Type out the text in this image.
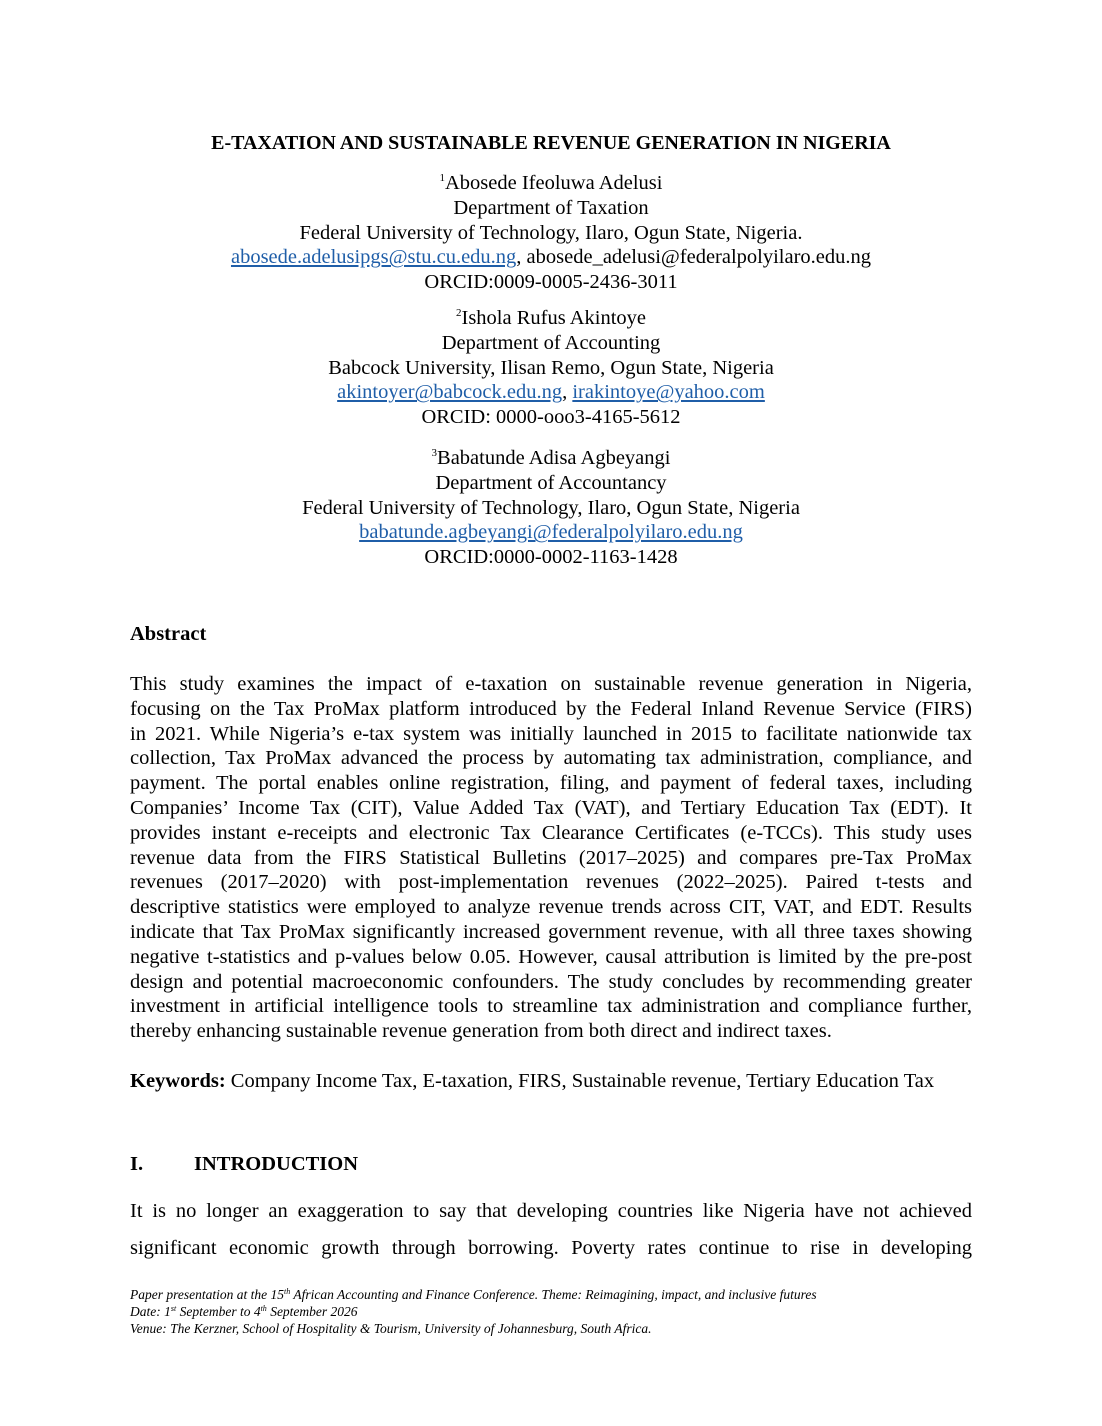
E-TAXATION AND SUSTAINABLE REVENUE GENERATION IN NIGERIA
$^1$Abosede Ifeoluwa Adelusi
Department of Taxation
Federal University of Technology, Ilaro, Ogun State, Nigeria.
abosede.adelusipgs@stu.cu.edu.ng, abosede_adelusi@federalpolyilaro.edu.ng
ORCID:0009-0005-2436-3011
$^2$Ishola Rufus Akintoye
Department of Accounting
Babcock University, Ilisan Remo, Ogun State, Nigeria
akintoyer@babcock.edu.ng, irakintoye@yahoo.com
ORCID: 0000-ooo3-4165-5612
$^3$Babatunde Adisa Agbeyangi
Department of Accountancy
Federal University of Technology, Ilaro, Ogun State, Nigeria
babatunde.agbeyangi@federalpolyilaro.edu.ng
ORCID:0000-0002-1163-1428
Abstract
This study examines the impact of e-taxation on sustainable revenue generation in Nigeria,
focusing on the Tax ProMax platform introduced by the Federal Inland Revenue Service (FIRS)
in 2021. While Nigeria’s e-tax system was initially launched in 2015 to facilitate nationwide tax
collection, Tax ProMax advanced the process by automating tax administration, compliance, and
payment. The portal enables online registration, filing, and payment of federal taxes, including
Companies’ Income Tax (CIT), Value Added Tax (VAT), and Tertiary Education Tax (EDT). It
provides instant e-receipts and electronic Tax Clearance Certificates (e-TCCs). This study uses
revenue data from the FIRS Statistical Bulletins (2017–2025) and compares pre-Tax ProMax
revenues (2017–2020) with post-implementation revenues (2022–2025). Paired t-tests and
descriptive statistics were employed to analyze revenue trends across CIT, VAT, and EDT. Results
indicate that Tax ProMax significantly increased government revenue, with all three taxes showing
negative t-statistics and p-values below 0.05. However, causal attribution is limited by the pre-post
design and potential macroeconomic confounders. The study concludes by recommending greater
investment in artificial intelligence tools to streamline tax administration and compliance further,
thereby enhancing sustainable revenue generation from both direct and indirect taxes.
Keywords: Company Income Tax, E-taxation, FIRS, Sustainable revenue, Tertiary Education Tax
I. INTRODUCTION
It is no longer an exaggeration to say that developing countries like Nigeria have not achieved
significant economic growth through borrowing. Poverty rates continue to rise in developing
Paper presentation at the 15th African Accounting and Finance Conference. Theme: Reimagining, impact, and inclusive futures
Date: 1st September to 4th September 2026
Venue: The Kerzner, School of Hospitality & Tourism, University of Johannesburg, South Africa.
